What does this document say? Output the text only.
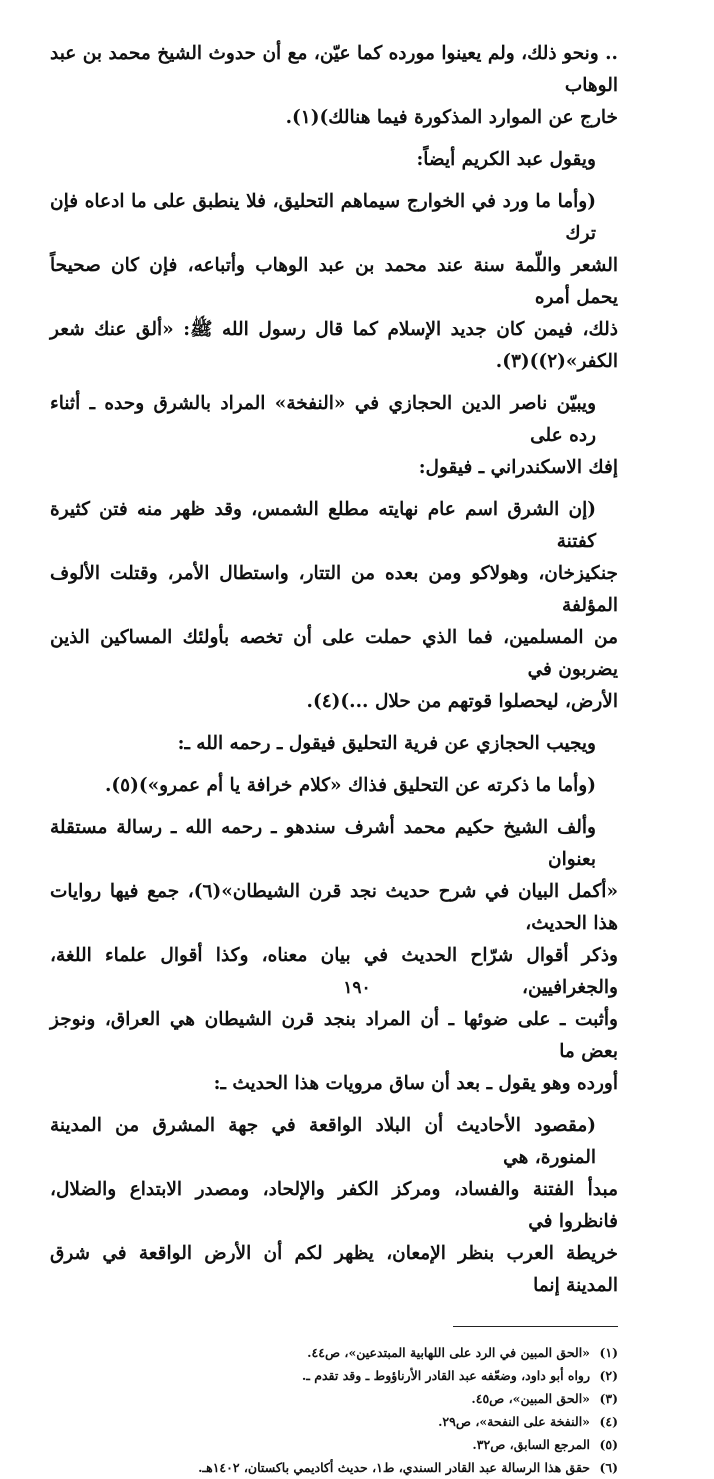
.. ونحو ذلك، ولم يعينوا مورده كما عيّن، مع أن حدوث الشيخ محمد بن عبد الوهاب
خارج عن الموارد المذكورة فيما هنالك)(١).

ويقول عبد الكريم أيضاً:

(وأما ما ورد في الخوارج سيماهم التحليق، فلا ينطبق على ما ادعاه فإن ترك
الشعر واللّمة سنة عند محمد بن عبد الوهاب وأتباعه، فإن كان صحيحاً يحمل أمره
ذلك، فيمن كان جديد الإسلام كما قال رسول الله ﷺ: «ألق عنك شعر الكفر»(٢))(٣).

ويبيّن ناصر الدين الحجازي في «النفخة» المراد بالشرق وحده ـ أثناء رده على
إفك الاسكندراني ـ فيقول:

(إن الشرق اسم عام نهايته مطلع الشمس، وقد ظهر منه فتن كثيرة كفتنة
جنكيزخان، وهولاكو ومن بعده من التتار، واستطال الأمر، وقتلت الألوف المؤلفة
من المسلمين، فما الذي حملت على أن تخصه بأولئك المساكين الذين يضربون في
الأرض، ليحصلوا قوتهم من حلال ...)(٤).

ويجيب الحجازي عن فرية التحليق فيقول ـ رحمه الله ـ:

(وأما ما ذكرته عن التحليق فذاك «كلام خرافة يا أم عمرو»)(٥).

وألف الشيخ حكيم محمد أشرف سندهو ـ رحمه الله ـ رسالة مستقلة بعنوان
«أكمل البيان في شرح حديث نجد قرن الشيطان»(٦)، جمع فيها روايات هذا الحديث،
وذكر أقوال شرّاح الحديث في بيان معناه، وكذا أقوال علماء اللغة، والجغرافيين،
وأثبت ـ على ضوئها ـ أن المراد بنجد قرن الشيطان هي العراق، ونوجز بعض ما
أورده وهو يقول ـ بعد أن ساق مرويات هذا الحديث ـ:

(مقصود الأحاديث أن البلاد الواقعة في جهة المشرق من المدينة المنورة، هي
مبدأ الفتنة والفساد، ومركز الكفر والإلحاد، ومصدر الابتداع والضلال، فانظروا في
خريطة العرب بنظر الإمعان، يظهر لكم أن الأرض الواقعة في شرق المدينة إنما

(١)
«الحق المبين في الرد على اللهابية المبتدعين»، ص٤٤.
(٢)
رواه أبو داود، وضعّفه عبد القادر الأرناؤوط ـ وقد تقدم ـ.
(٣)
«الحق المبين»، ص٤٥.
(٤)
«النفخة على النفحة»، ص٢٩.
(٥)
المرجع السابق، ص٣٢.
(٦)
حقق هذا الرسالة عبد القادر السندي، ط١، حديث أكاديمي باكستان، ١٤٠٢هـ.
١٩٠
